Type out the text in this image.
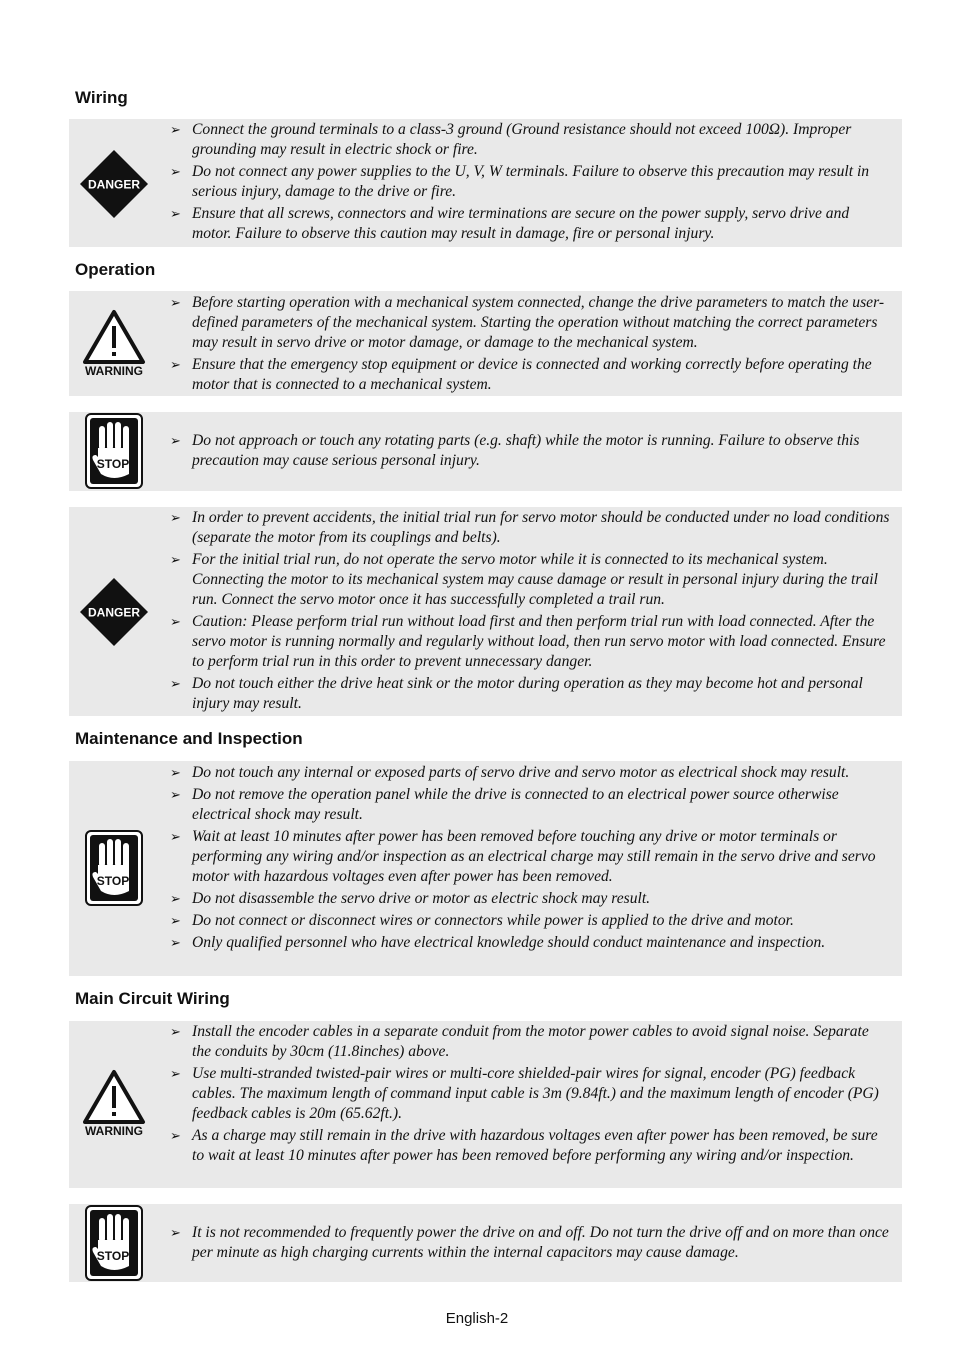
Wiring
Operation
Maintenance and Inspection
Main Circuit Wiring
DANGER
➢ Connect the ground terminals to a class-3 ground (Ground resistance should not exceed 100Ω). Improper grounding may result in electric shock or fire.
➢ Do not connect any power supplies to the U, V, W terminals. Failure to observe this precaution may result in serious injury, damage to the drive or fire.
➢ Ensure that all screws, connectors and wire terminations are secure on the power supply, servo drive and motor. Failure to observe this caution may result in damage, fire or personal injury.
WARNING
➢ Before starting operation with a mechanical system connected, change the drive parameters to match the user-defined parameters of the mechanical system. Starting the operation without matching the correct parameters may result in servo drive or motor damage, or damage to the mechanical system.
➢ Ensure that the emergency stop equipment or device is connected and working correctly before operating the motor that is connected to a mechanical system.
STOP
➢ Do not approach or touch any rotating parts (e.g. shaft) while the motor is running. Failure to observe this precaution may cause serious personal injury.
DANGER
➢ In order to prevent accidents, the initial trial run for servo motor should be conducted under no load conditions (separate the motor from its couplings and belts).
➢ For the initial trial run, do not operate the servo motor while it is connected to its mechanical system. Connecting the motor to its mechanical system may cause damage or result in personal injury during the trail run. Connect the servo motor once it has successfully completed a trail run.
➢ Caution: Please perform trial run without load first and then perform trial run with load connected. After the servo motor is running normally and regularly without load, then run servo motor with load connected. Ensure to perform trial run in this order to prevent unnecessary danger.
➢ Do not touch either the drive heat sink or the motor during operation as they may become hot and personal injury may result.
STOP
➢ Do not touch any internal or exposed parts of servo drive and servo motor as electrical shock may result.
➢ Do not remove the operation panel while the drive is connected to an electrical power source otherwise electrical shock may result.
➢ Wait at least 10 minutes after power has been removed before touching any drive or motor terminals or performing any wiring and/or inspection as an electrical charge may still remain in the servo drive and servo motor with hazardous voltages even after power has been removed.
➢ Do not disassemble the servo drive or motor as electric shock may result.
➢ Do not connect or disconnect wires or connectors while power is applied to the drive and motor.
➢ Only qualified personnel who have electrical knowledge should conduct maintenance and inspection.
WARNING
➢ Install the encoder cables in a separate conduit from the motor power cables to avoid signal noise. Separate the conduits by 30cm (11.8inches) above.
➢ Use multi-stranded twisted-pair wires or multi-core shielded-pair wires for signal, encoder (PG) feedback cables. The maximum length of command input cable is 3m (9.84ft.) and the maximum length of encoder (PG) feedback cables is 20m (65.62ft.).
➢ As a charge may still remain in the drive with hazardous voltages even after power has been removed, be sure to wait at least 10 minutes after power has been removed before performing any wiring and/or inspection.
STOP
➢ It is not recommended to frequently power the drive on and off. Do not turn the drive off and on more than once per minute as high charging currents within the internal capacitors may cause damage.
English-2
